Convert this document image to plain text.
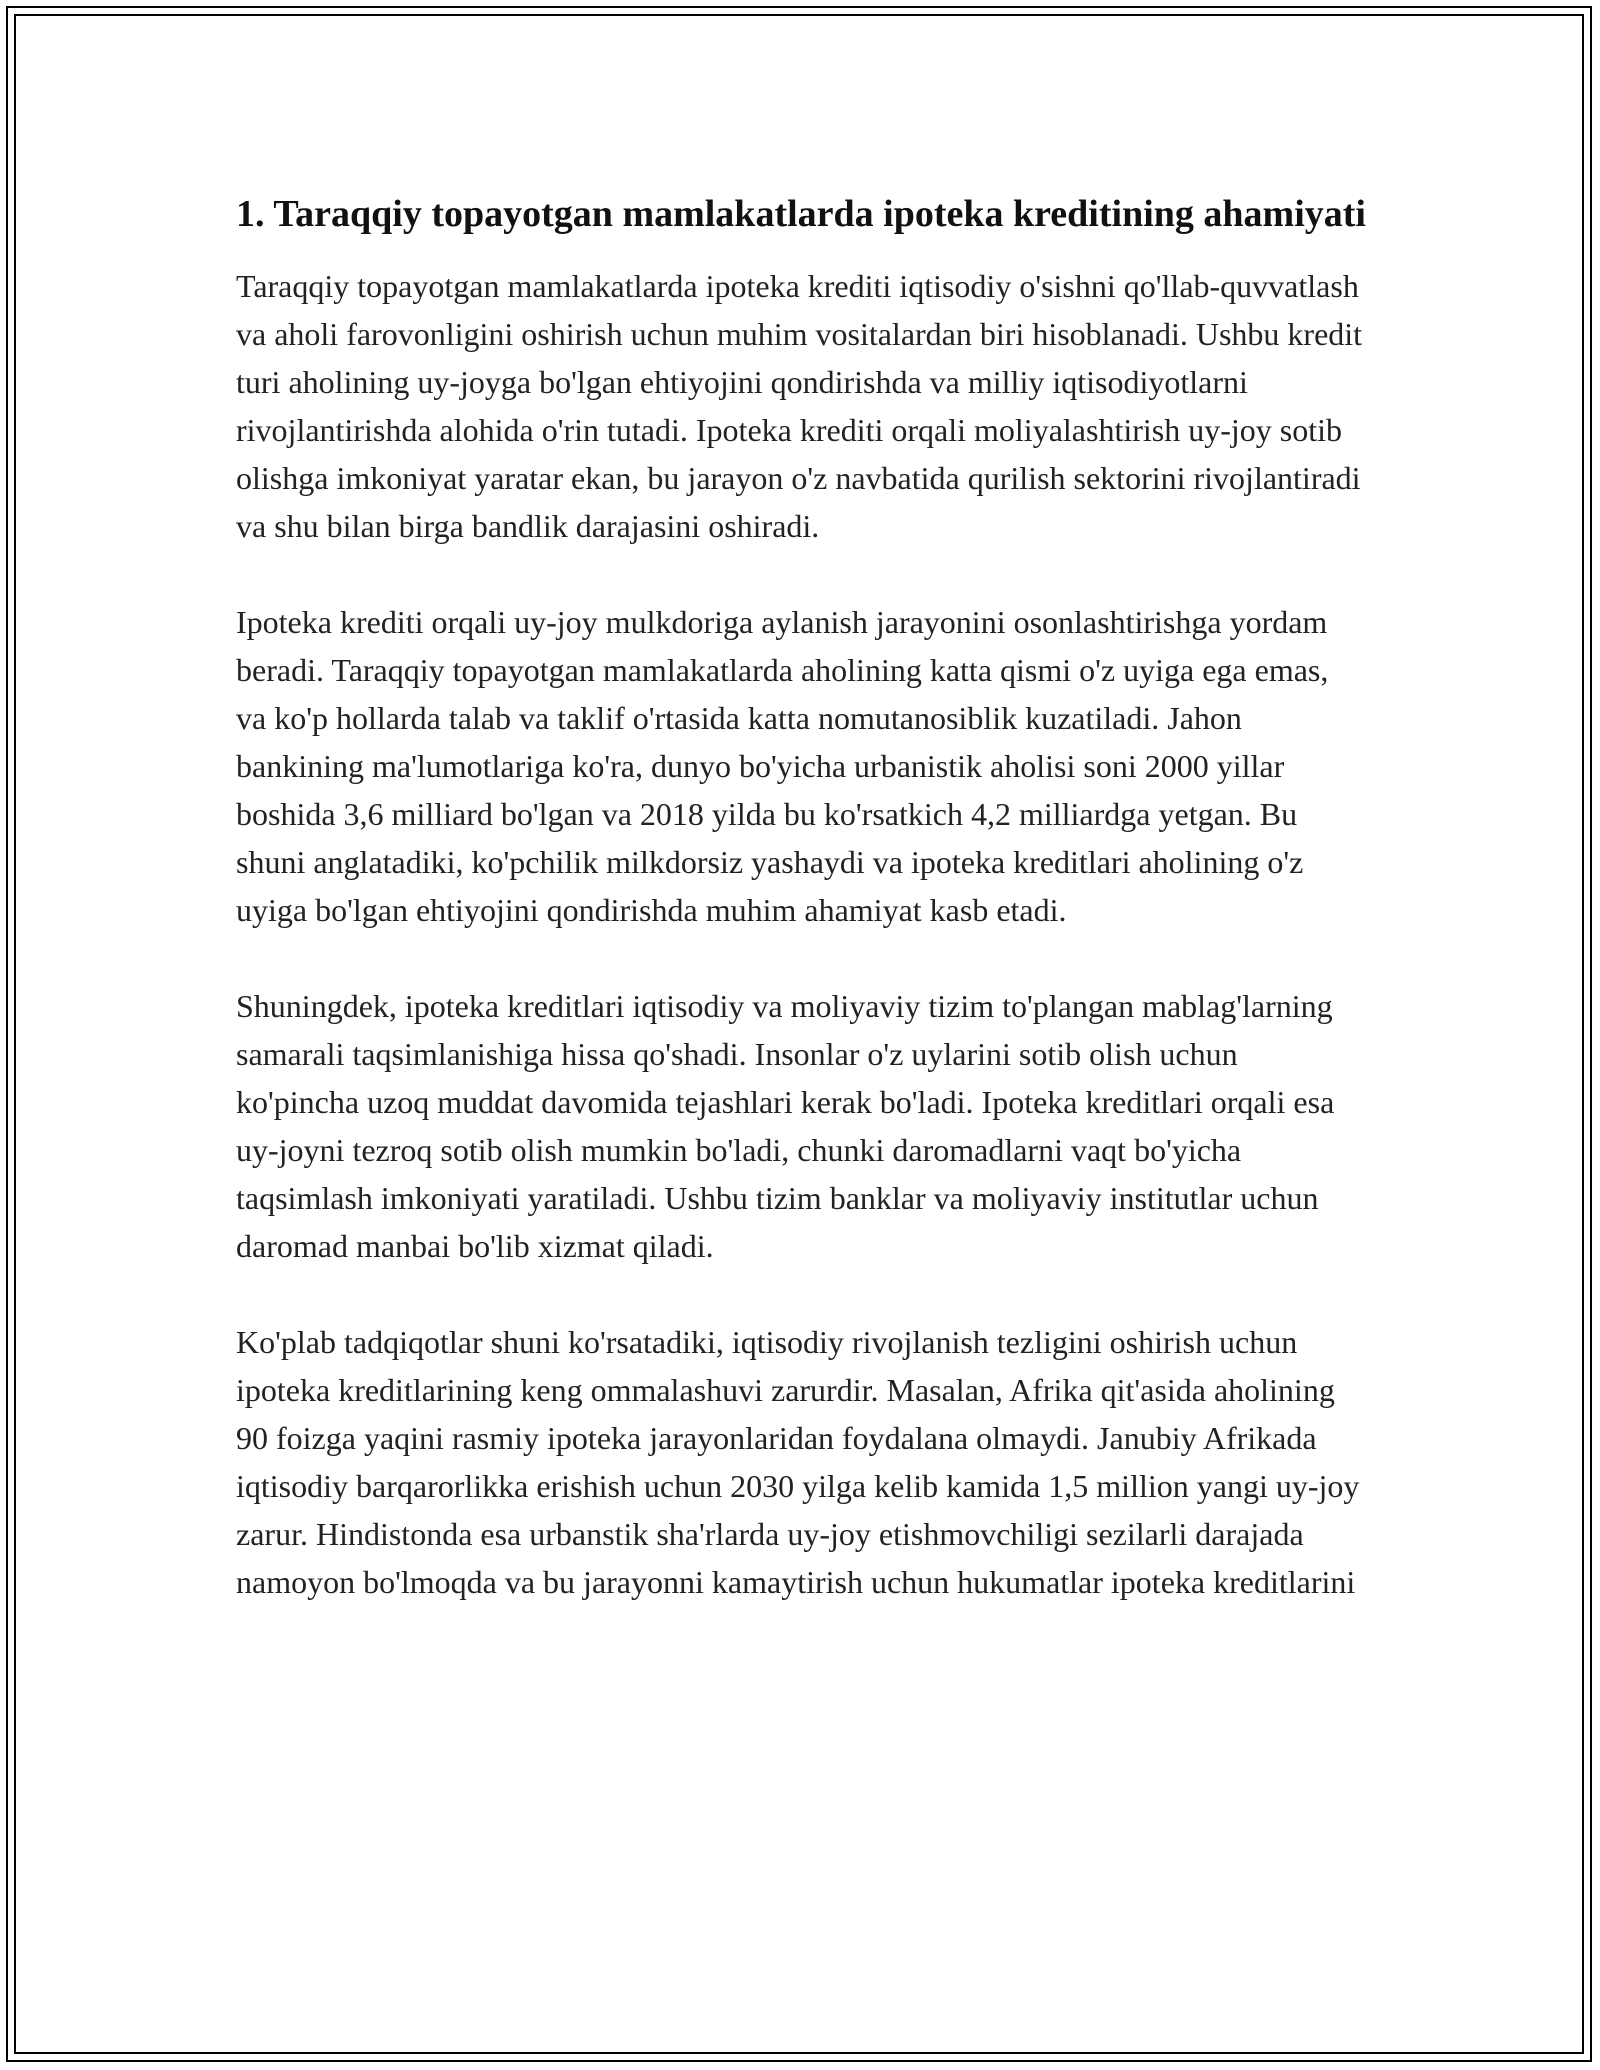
1. Taraqqiy topayotgan mamlakatlarda ipoteka kreditining ahamiyati

Taraqqiy topayotgan mamlakatlarda ipoteka krediti iqtisodiy o'sishni qo'llab-quvvatlash va aholi farovonligini oshirish uchun muhim vositalardan biri hisoblanadi. Ushbu kredit turi aholining uy-joyga bo'lgan ehtiyojini qondirishda va milliy iqtisodiyotlarni rivojlantirishda alohida o'rin tutadi. Ipoteka krediti orqali moliyalashtirish uy-joy sotib olishga imkoniyat yaratar ekan, bu jarayon o'z navbatida qurilish sektorini rivojlantiradi va shu bilan birga bandlik darajasini oshiradi.

Ipoteka krediti orqali uy-joy mulkdoriga aylanish jarayonini osonlashtirishga yordam beradi. Taraqqiy topayotgan mamlakatlarda aholining katta qismi o'z uyiga ega emas, va ko'p hollarda talab va taklif o'rtasida katta nomutanosiblik kuzatiladi. Jahon bankining ma'lumotlariga ko'ra, dunyo bo'yicha urbanistik aholisi soni 2000 yillar boshida 3,6 milliard bo'lgan va 2018 yilda bu ko'rsatkich 4,2 milliardga yetgan. Bu shuni anglatadiki, ko'pchilik milkdorsiz yashaydi va ipoteka kreditlari aholining o'z uyiga bo'lgan ehtiyojini qondirishda muhim ahamiyat kasb etadi.

Shuningdek, ipoteka kreditlari iqtisodiy va moliyaviy tizim to'plangan mablag'larning samarali taqsimlanishiga hissa qo'shadi. Insonlar o'z uylarini sotib olish uchun ko'pincha uzoq muddat davomida tejashlari kerak bo'ladi. Ipoteka kreditlari orqali esa uy-joyni tezroq sotib olish mumkin bo'ladi, chunki daromadlarni vaqt bo'yicha taqsimlash imkoniyati yaratiladi. Ushbu tizim banklar va moliyaviy institutlar uchun daromad manbai bo'lib xizmat qiladi.

Ko'plab tadqiqotlar shuni ko'rsatadiki, iqtisodiy rivojlanish tezligini oshirish uchun ipoteka kreditlarining keng ommalashuvi zarurdir. Masalan, Afrika qit'asida aholining 90 foizga yaqini rasmiy ipoteka jarayonlaridan foydalana olmaydi. Janubiy Afrikada iqtisodiy barqarorlikka erishish uchun 2030 yilga kelib kamida 1,5 million yangi uy-joy zarur. Hindistonda esa urbanstik sha'rlarda uy-joy etishmovchiligi sezilarli darajada namoyon bo'lmoqda va bu jarayonni kamaytirish uchun hukumatlar ipoteka kreditlarini
